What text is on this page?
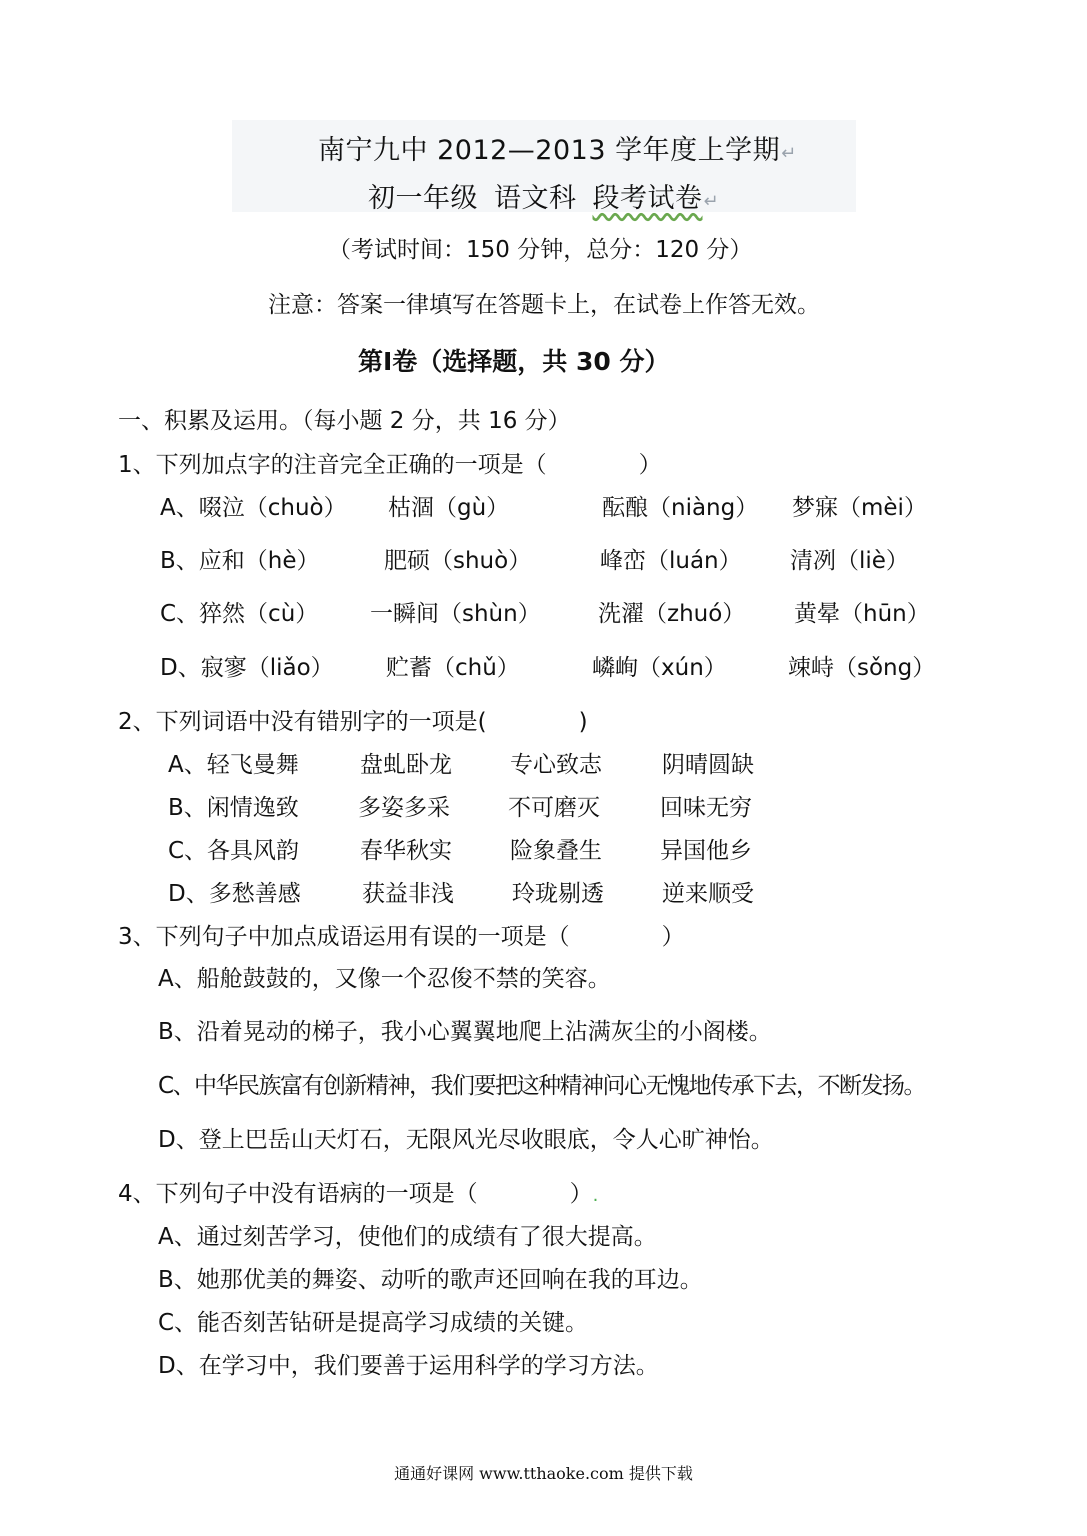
南宁九中 2012—2013 学年度上学期↵
初一年级 语文科 段考试卷↵
（考试时间：150 分钟，总分：120 分）
注意：答案一律填写在答题卡上，在试卷上作答无效。
第Ⅰ卷（选择题，共 30 分）
一、积累及运用。（每小题 2 分，共 16 分）
1、下列加点字的注音完全正确的一项是（　　　　）
A、啜泣（chuò） 枯涸（gù）	酝酿（niàng） 梦寐（mèi）
B、应和（hè）	肥硕（shuò）	峰峦（luán） 清冽（liè）
C、猝然（cù） 一瞬间（shùn） 洗濯（zhuó） 黄晕（hūn）
D、寂寥（liǎo） 贮蓄（chǔ）	嶙峋（xún）	竦峙（sǒng）
2、下列词语中没有错别字的一项是(　　　　)
A、轻飞曼舞	盘虬卧龙	专心致志	阴晴圆缺
B、闲情逸致	多姿多采	不可磨灭	回味无穷
C、各具风韵	春华秋实	险象叠生	异国他乡
D、多愁善感	获益非浅	玲珑剔透	逆来顺受
3、下列句子中加点成语运用有误的一项是（　　　　）
A、船舱鼓鼓的，又像一个忍俊不禁的笑容。
B、沿着晃动的梯子，我小心翼翼地爬上沾满灰尘的小阁楼。
C、中华民族富有创新精神，我们要把这种精神问心无愧地传承下去，不断发扬。
D、登上巴岳山天灯石，无限风光尽收眼底，令人心旷神怡。
4、下列句子中没有语病的一项是（　　　　）.
A、通过刻苦学习，使他们的成绩有了很大提高。
B、她那优美的舞姿、动听的歌声还回响在我的耳边。
C、能否刻苦钻研是提高学习成绩的关键。
D、在学习中，我们要善于运用科学的学习方法。
通通好课网 www.tthaoke.com 提供下载
